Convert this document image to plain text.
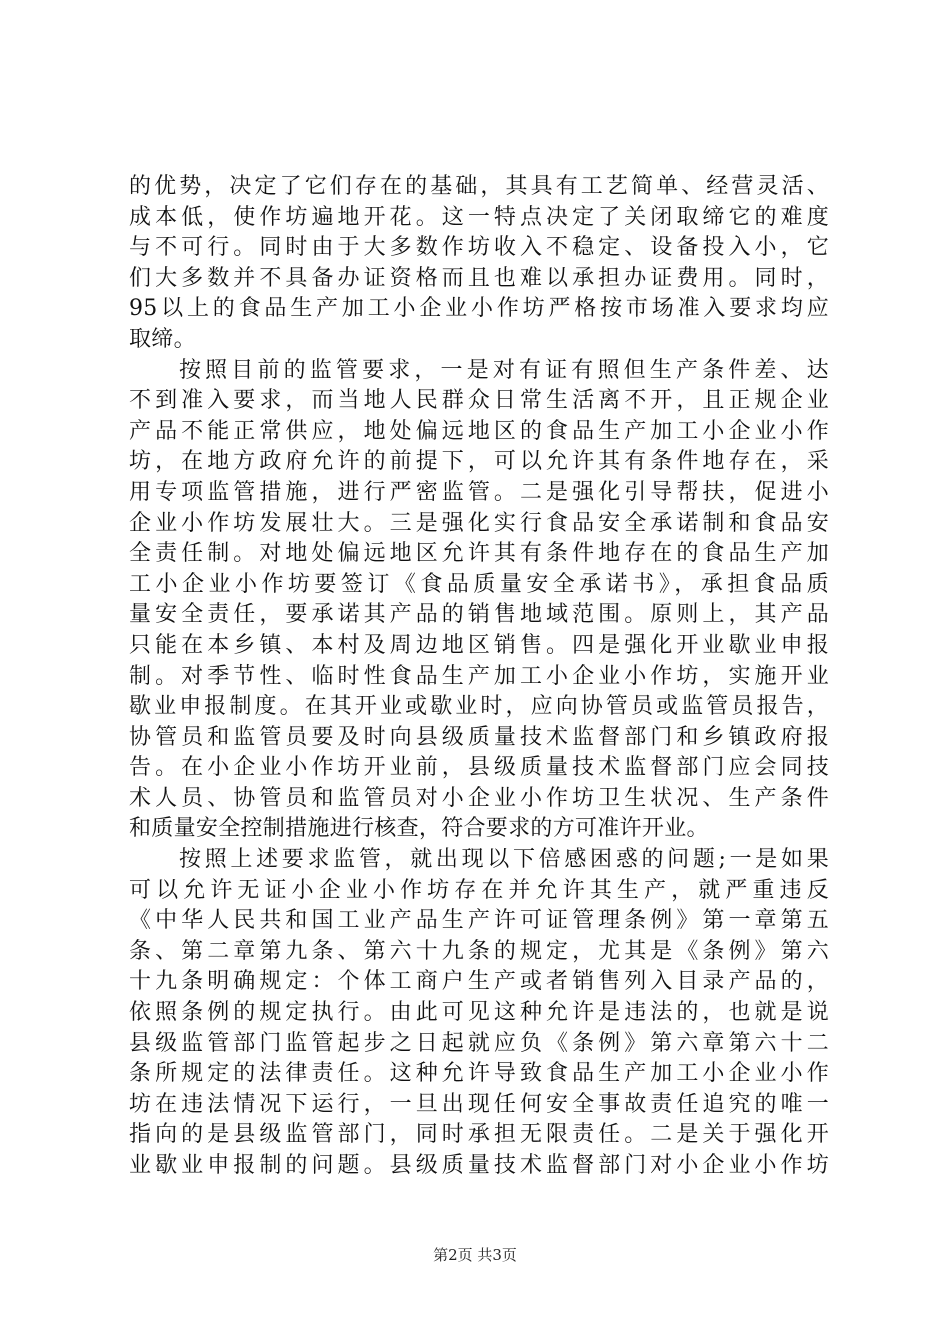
的优势，决定了它们存在的基础，其具有工艺简单、经营灵活、
成本低，使作坊遍地开花。这一特点决定了关闭取缔它的难度
与不可行。同时由于大多数作坊收入不稳定、设备投入小，它
们大多数并不具备办证资格而且也难以承担办证费用。同时，
95以上的食品生产加工小企业小作坊严格按市场准入要求均应
取缔。
按照目前的监管要求，一是对有证有照但生产条件差、达
不到准入要求，而当地人民群众日常生活离不开，且正规企业
产品不能正常供应，地处偏远地区的食品生产加工小企业小作
坊，在地方政府允许的前提下，可以允许其有条件地存在，采
用专项监管措施，进行严密监管。二是强化引导帮扶，促进小
企业小作坊发展壮大。三是强化实行食品安全承诺制和食品安
全责任制。对地处偏远地区允许其有条件地存在的食品生产加
工小企业小作坊要签订《食品质量安全承诺书》，承担食品质
量安全责任，要承诺其产品的销售地域范围。原则上，其产品
只能在本乡镇、本村及周边地区销售。四是强化开业歇业申报
制。对季节性、临时性食品生产加工小企业小作坊，实施开业
歇业申报制度。在其开业或歇业时，应向协管员或监管员报告，
协管员和监管员要及时向县级质量技术监督部门和乡镇政府报
告。在小企业小作坊开业前，县级质量技术监督部门应会同技
术人员、协管员和监管员对小企业小作坊卫生状况、生产条件
和质量安全控制措施进行核查，符合要求的方可准许开业。
按照上述要求监管，就出现以下倍感困惑的问题;一是如果
可以允许无证小企业小作坊存在并允许其生产，就严重违反
《中华人民共和国工业产品生产许可证管理条例》第一章第五
条、第二章第九条、第六十九条的规定，尤其是《条例》第六
十九条明确规定：个体工商户生产或者销售列入目录产品的，
依照条例的规定执行。由此可见这种允许是违法的，也就是说
县级监管部门监管起步之日起就应负《条例》第六章第六十二
条所规定的法律责任。这种允许导致食品生产加工小企业小作
坊在违法情况下运行，一旦出现任何安全事故责任追究的唯一
指向的是县级监管部门，同时承担无限责任。二是关于强化开
业歇业申报制的问题。县级质量技术监督部门对小企业小作坊
第2页 共3页
